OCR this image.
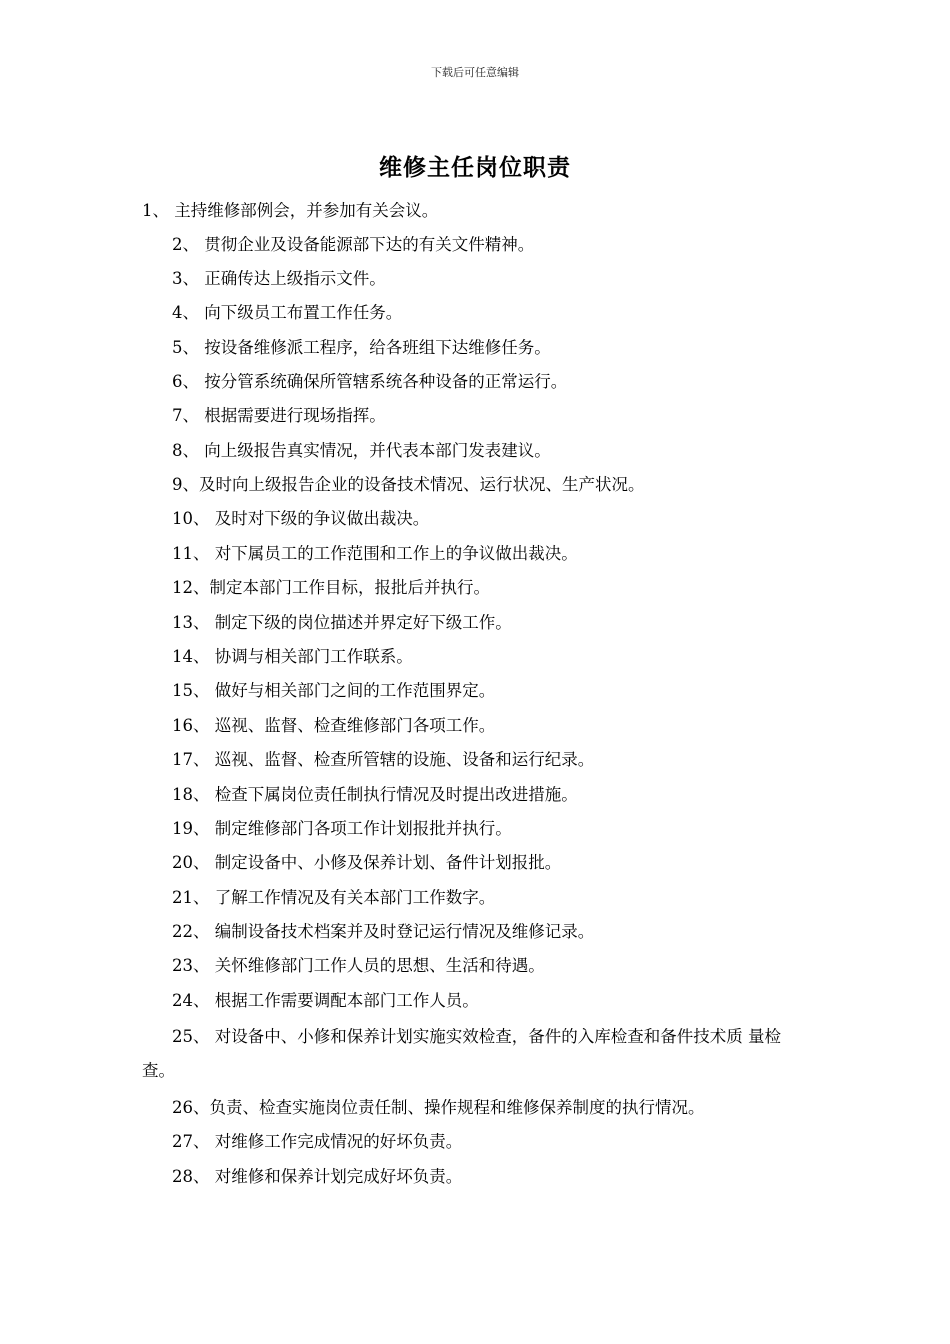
下载后可任意编辑
维修主任岗位职责
1、 主持维修部例会，并参加有关会议。
2、 贯彻企业及设备能源部下达的有关文件精神。
3、 正确传达上级指示文件。
4、 向下级员工布置工作任务。
5、 按设备维修派工程序，给各班组下达维修任务。
6、 按分管系统确保所管辖系统各种设备的正常运行。
7、 根据需要进行现场指挥。
8、 向上级报告真实情况，并代表本部门发表建议。
9、及时向上级报告企业的设备技术情况、运行状况、生产状况。
10、 及时对下级的争议做出裁决。
11、 对下属员工的工作范围和工作上的争议做出裁决。
12、制定本部门工作目标，报批后并执行。
13、 制定下级的岗位描述并界定好下级工作。
14、 协调与相关部门工作联系。
15、 做好与相关部门之间的工作范围界定。
16、 巡视、监督、检查维修部门各项工作。
17、 巡视、监督、检查所管辖的设施、设备和运行纪录。
18、 检查下属岗位责任制执行情况及时提出改进措施。
19、 制定维修部门各项工作计划报批并执行。
20、 制定设备中、小修及保养计划、备件计划报批。
21、 了解工作情况及有关本部门工作数字。
22、 编制设备技术档案并及时登记运行情况及维修记录。
23、 关怀维修部门工作人员的思想、生活和待遇。
24、 根据工作需要调配本部门工作人员。
25、 对设备中、小修和保养计划实施实效检查，备件的入库检查和备件技术质 量检查。
26、负责、检查实施岗位责任制、操作规程和维修保养制度的执行情况。
27、 对维修工作完成情况的好坏负责。
28、 对维修和保养计划完成好坏负责。
